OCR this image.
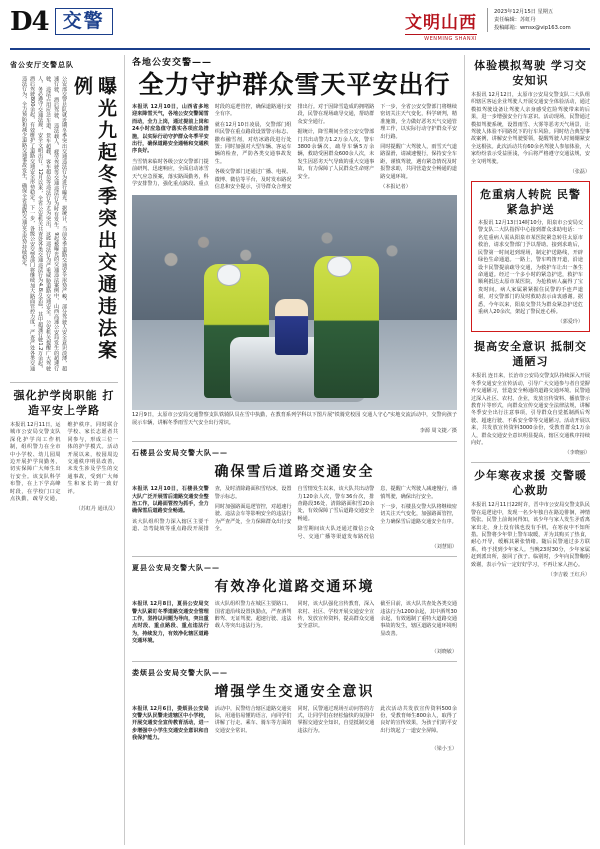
D4 交警	文明山西
WENMING SHANXI
2023年12月15日 星期五
责任编辑：苏虹丹
投稿邮箱：wmsx@vip163.com
省公安厅交警总队
曝光九起冬季突出交通违法案例
公安部交警总队就近期冬季突出交通违法行为进行曝光。据统计，当前冬季道路交通安全形势严峻，部分驾驶人安全意识淡薄，超速行驶、酒后驾驶、违法载人、疲劳驾驶等交通违法行为时有发生。9起被曝光的交通违法案例中，山西高速公安局发生的超速行驶、违法占用应急车道、货车超载、客车超员等违法行为尤为突出，这些违法行为严重威胁道路交通安全。公安机关提醒广大驾驶人，务必遵守交通法规，安全文明出行。12月以来，全省公安机关共查处各类交通违法行为4.8万余起，其中超速行驶1.2万余起，酒后驾驶800余起，有效维护了道路交通安全形势稳定。下一步，各级公安交警部门将继续加大路面管控力度，严查严处各类交通违法行为，全力预防和减少道路交通事故发生，确保全省道路交通安全形势持续稳定。
强化护学岗职能 打造平安上学路
本报讯 12月11日，运城市公安局交警支队深化护学岗工作机制，组织警力在全市中小学校、幼儿园周边开展护学岗勤务，切实保障广大师生出行安全。该支队科学布警，在上下学高峰时段，在学校门口定点执勤，疏导交通，维护秩序。同时联合学校、家长志愿者共同参与，形成三位一体的护学模式。活动开展以来，校园周边交通秩序明显改善，未发生涉及学生的交通事故，受到广大师生和家长的一致好评。
（苏虹丹 通讯员）
各地公安交警——
全力守护群众雪天平安出行

本报讯 12月10日，山西省多地迎来降雪天气，各地公安交警闻雪而动，全力上岗，通过提前上岗和24小时应急值守落实各项应急措施，以实际行动守护群众冬季平安出行，确保道路安全通畅和交通秩序良好。

当雪情来临时各级公安交警部门提前研判、迅速响应，全面启动冰雪天气应急预案，落实路面勤务，科学安排警力，强化重点路段、重点时段的巡逻管控，确保道路通行安全有序。

就在12月10日凌晨，交警部门组织民警在重点路段设置警示标志、撒布融雪剂，对结冰路段进行处置；同时加强对大型车辆、客运车辆的检查，严防各类交通事故发生。

各级交警部门还通过广播、电视、微博、微信等平台，及时发布路况信息和安全提示，引导群众合理安排出行。对于因降雪造成的拥堵路段，民警在现场疏导交通，帮助群众安全通行。

据统计，降雪期间全省公安交警部门共出动警力1.2万余人次，警车3800余辆次，疏导车辆5万余辆，救助受困群众600余人次，未发生因恶劣天气导致的重大交通事故，有力保障了人民群众生命财产安全。

下一步，全省公安交警部门将继续密切关注天气变化，科学研判，精准施策，全力做好恶劣天气交通管理工作，以实际行动守护群众平安出行路。

同时提醒广大驾驶人，雨雪天气道路湿滑，请减速慢行，保持安全车距，谨慎驾驶，遇有紧急情况及时报警求助，共同营造安全畅通的道路交通环境。

（本报记者）

12月9日，太原市公安局交通警察支队铁骑队员在雪中执勤，在教育系列学科以下图片展"铁骑党校园 交通人守心"实地交流活动中，交警向孩子展示车辆，讲解冬季雨雪天气安全出行常识。
李源 周文捷／摄
石楼县公安局交警大队——
确保雪后道路交通安全

本报讯 12月10日，石楼县交警大队广泛开展雪后道路交通安全整治工作，以路面管控为抓手，全力确保雪后道路安全畅通。

该大队组织警力深入辖区主要干道、急弯陡坡等重点路段开展排查，及时清除路面积雪结冰，设置警示标志。

同时加强路面巡逻管控，对超速行驶、违法会车等影响安全的违法行为严查严处，全力保障群众出行安全。

自雪情发生以来，该大队共出动警力120余人次，警车36台次，排查路段36处，清除路面积雪20余处，有效保障了雪后道路交通安全畅通。

降雪期间该大队还通过微信公众号、交通广播等渠道发布路况信息，提醒广大驾驶人减速慢行，谨慎驾驶，确保出行安全。

下一步，石楼县交警大队将继续密切关注天气变化，加强路面管控，全力确保雪后道路交通安全有序。

（刘慧娟）
夏县公安局交警大队——
有效净化道路交通环境

本报讯 12月8日，夏县公安局交警大队紧盯冬季道路交通安全管理工作，坚持以问题为导向，突出重点时段、重点路段、重点违法行为，持续发力，有效净化辖区道路交通环境。

该大队组织警力在城区主要路口、国省道沿线设置执勤点，严查酒驾醉驾、无证驾驶、超速行驶、违法载人等突出违法行为。

同时，该大队强化宣传教育，深入农村、社区、学校开展交通安全宣传，发放宣传资料，提高群众交通安全意识。

截至目前，该大队共查处各类交通违法行为1200余起，其中酒驾30余起，有效遏制了重特大道路交通事故的发生，辖区道路交通环境明显改善。

（刘晓敏）
娄烦县公安局交警大队——
增强学生交通安全意识

本报讯 12月6日，娄烦县公安局交警大队民警走进辖区中小学校，开展交通安全宣传教育活动，进一步增强中小学生交通安全意识和自我保护能力。

活动中，民警结合辖区道路交通实际，用通俗易懂的语言，向同学们讲解了行走、乘车、骑车等方面的交通安全常识。

同时，民警通过现场互动问答的方式，让同学们在轻松愉快的氛围中掌握交通安全知识，自觉抵制交通违法行为。

此次活动共发放宣传资料500余份，受教育师生800余人，取得了良好的宣传效果，为孩子们的平安出行筑起了一道安全屏障。

（梁小玉）
体验模拟驾驶 学习交安知识
本报讯 12月12日，太原市公安局交警支队二大队组织辖区客运企业驾驶人开展交通安全体验活动，通过模拟驾驶设备让驾驶人亲身感受危险驾驶带来的后果，进一步增强安全行车意识。活动现场，民警通过模拟驾驶系统，设置雨雪、大雾等恶劣天气场景，让驾驶人体验不同路况下的行车风险。同时结合典型事故案例，讲解安全驾驶要领，提醒驾驶人时刻绷紧安全这根弦。此次活动共有60余名驾驶人参加体验，大家纷纷表示受益匪浅，今后将严格遵守交通法规，安全文明驾驶。
（张磊）
危重病人转院 民警紧急护送
本报讯 12月13日14时10分，阳泉市公安局交警支队二大队指挥中心接到群众求助电话：一名危重病人需从阳泉市某医院紧急转往太原市救治，请求交警部门予以帮助。接到求助后，民警第一时间赶到现场，制定护送路线，开辟绿色生命通道。一路上，警车鸣笛开道，沿途设卡民警提前疏导交通，为救护车让出一条生命通道。经过一个多小时的紧急护送，救护车顺利抵达太原市某医院，为抢救病人赢得了宝贵时间。病人家属紧紧握住民警的手连声道谢，对交警部门的及时救助表示由衷感谢。据悉，今年以来，阳泉交警共为群众紧急护送危重病人20余次，架起了警民连心桥。
（郭爱玲）
提高安全意识 抵制交通陋习
本报讯 连日来，长治市公安局交警支队持续深入开展冬季交通安全宣传活动，引导广大交通参与者自觉摒弃交通陋习，营造安全畅通的道路交通环境。民警通过深入社区、农村、企业，发放宣传资料、播放警示教育片等形式，向群众宣传交通安全法律法规，讲解冬季安全出行注意事项，引导群众自觉抵制酒后驾驶、超速行驶、不系安全带等交通陋习。活动开展以来，共发放宣传资料3000余份，受教育群众1万余人，群众交通安全意识明显提高，辖区交通秩序持续向好。
（李晓丽）
少年寒夜求援 交警暖心救助
本报讯 12月11日22时许，晋中市公安局交警支队民警在巡逻途中，发现一名少年独自在路边徘徊，神情慌张。民警上前询问得知，该少年与家人发生矛盾离家出走，身上没有钱也没有手机，在寒夜中不知所措。民警将少年带上警车取暖，并为其购买了热食，耐心开导，缓解其紧张情绪。随后民警通过多方联系，终于找到少年家人。当晚23时30分，少年家属赶到派出所，接回了孩子。临别时，少年向民警鞠躬致谢，表示今后一定好好学习，不再让家人担心。
（李吉毅 王红兵）
